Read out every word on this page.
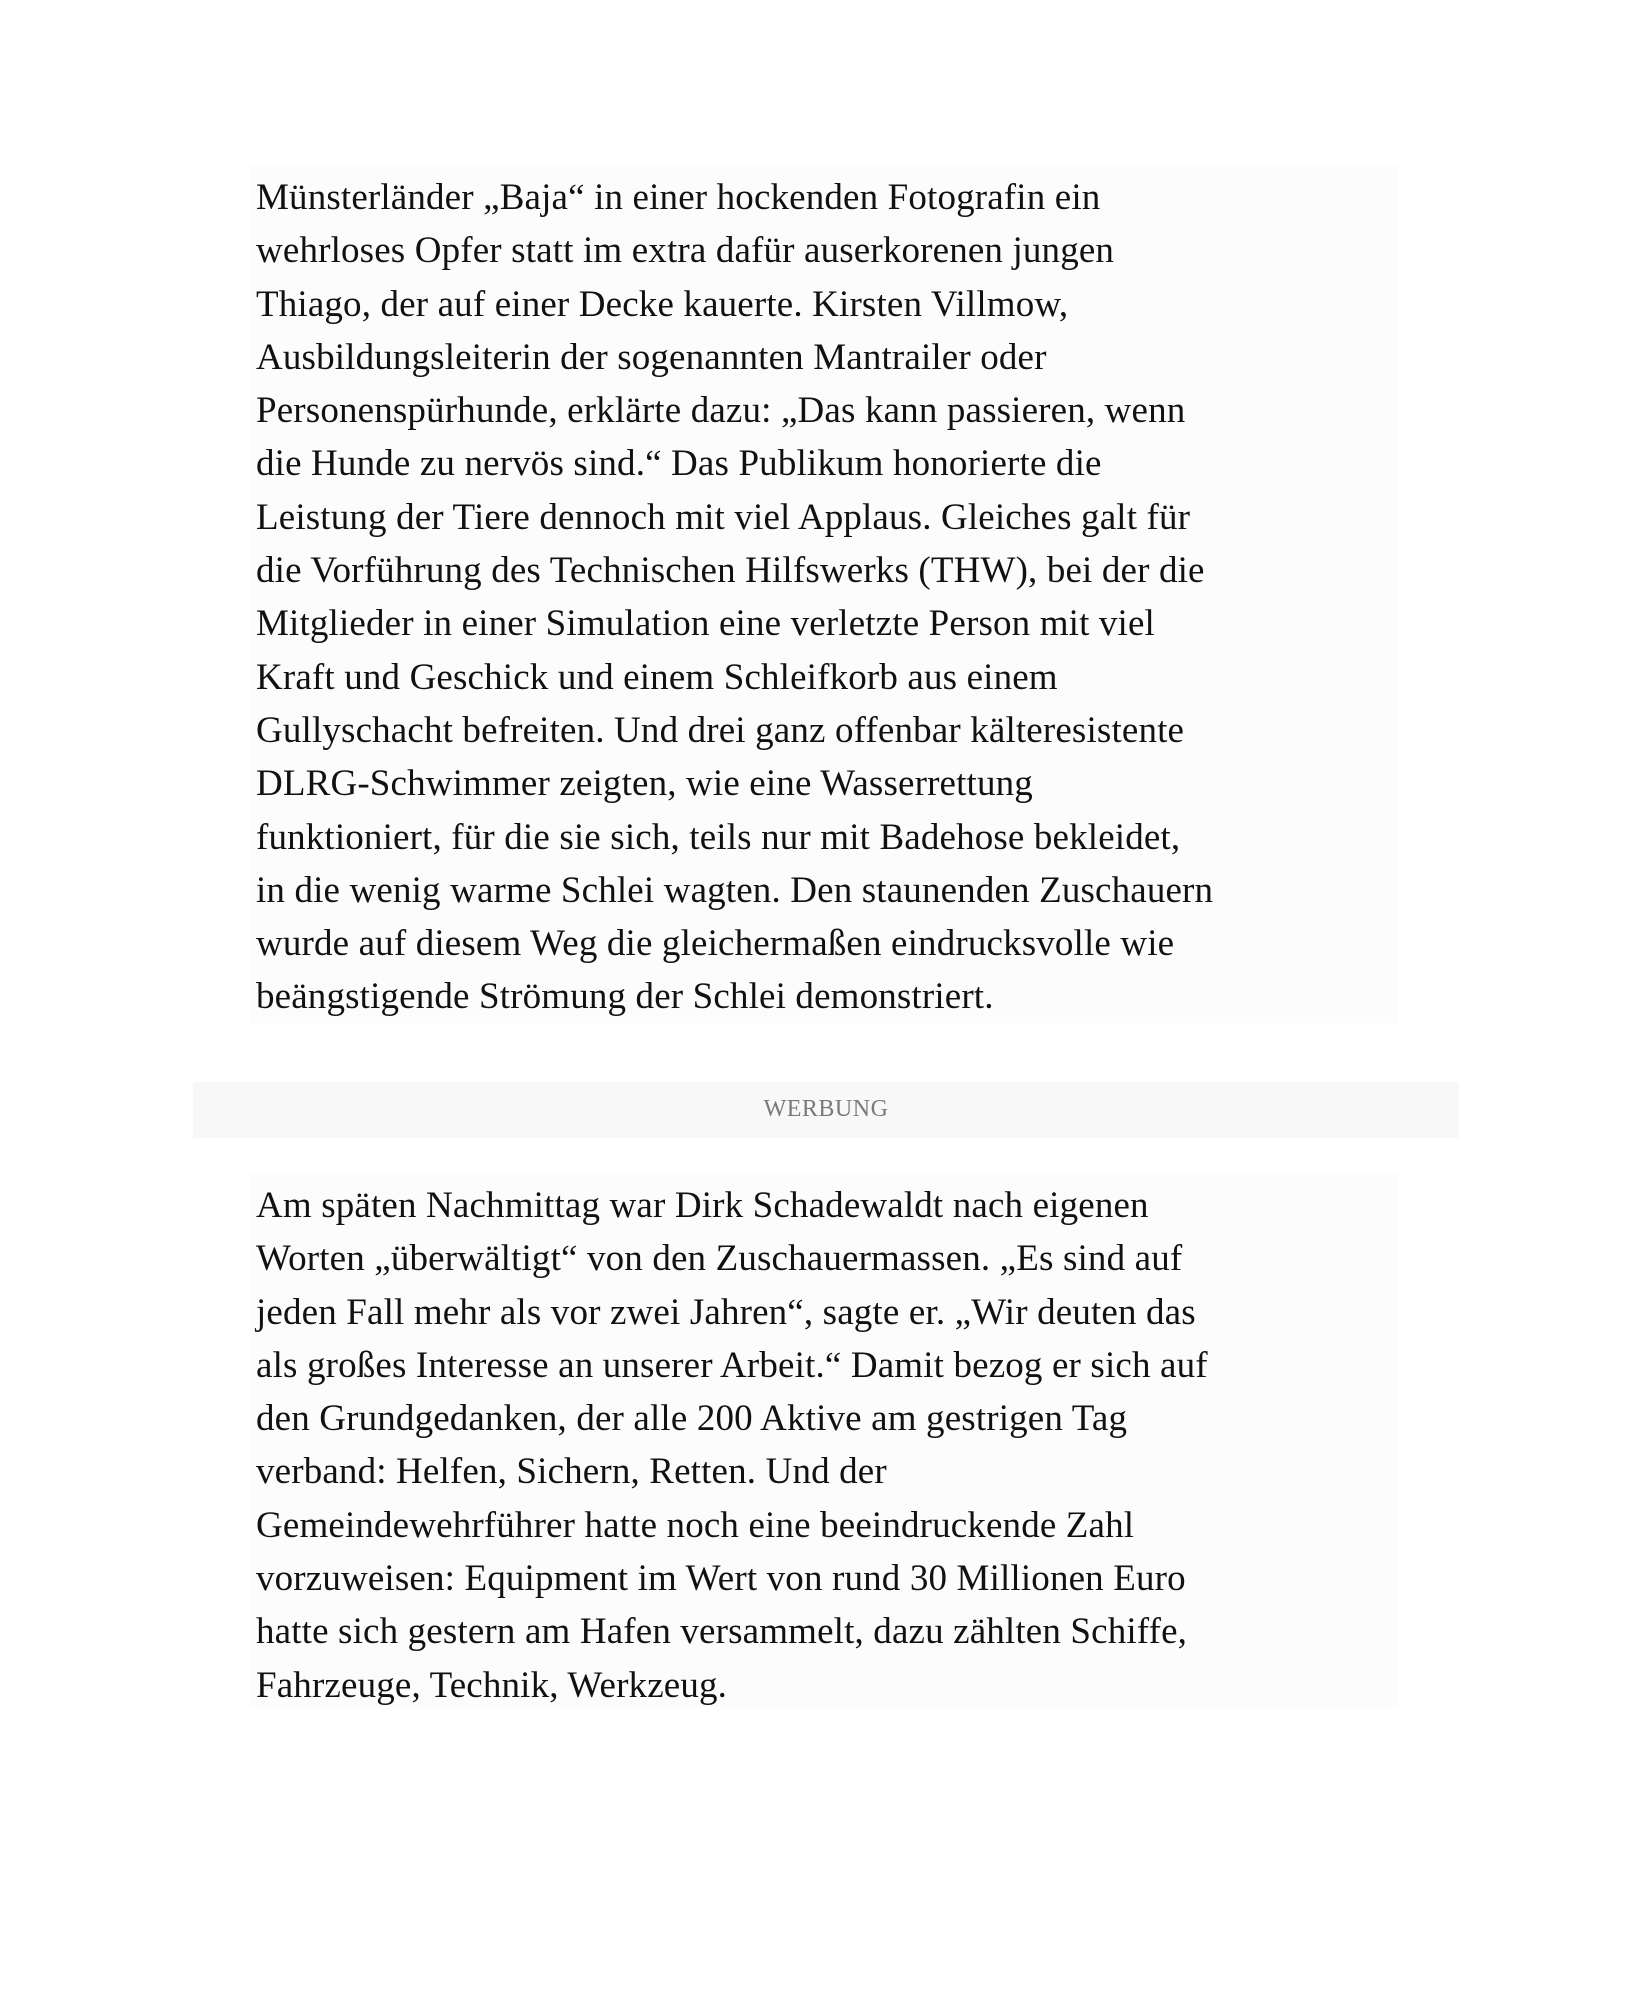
Münsterländer „Baja“ in einer hockenden Fotografin ein
wehrloses Opfer statt im extra dafür auserkorenen jungen
Thiago, der auf einer Decke kauerte. Kirsten Villmow,
Ausbildungsleiterin der sogenannten Mantrailer oder
Personenspürhunde, erklärte dazu: „Das kann passieren, wenn
die Hunde zu nervös sind.“ Das Publikum honorierte die
Leistung der Tiere dennoch mit viel Applaus. Gleiches galt für
die Vorführung des Technischen Hilfswerks (THW), bei der die
Mitglieder in einer Simulation eine verletzte Person mit viel
Kraft und Geschick und einem Schleifkorb aus einem
Gullyschacht befreiten. Und drei ganz offenbar kälteresistente
DLRG-Schwimmer zeigten, wie eine Wasserrettung
funktioniert, für die sie sich, teils nur mit Badehose bekleidet,
in die wenig warme Schlei wagten. Den staunenden Zuschauern
wurde auf diesem Weg die gleichermaßen eindrucksvolle wie
beängstigende Strömung der Schlei demonstriert.
WERBUNG
Am späten Nachmittag war Dirk Schadewaldt nach eigenen
Worten „überwältigt“ von den Zuschauermassen. „Es sind auf
jeden Fall mehr als vor zwei Jahren“, sagte er. „Wir deuten das
als großes Interesse an unserer Arbeit.“ Damit bezog er sich auf
den Grundgedanken, der alle 200 Aktive am gestrigen Tag
verband: Helfen, Sichern, Retten. Und der
Gemeindewehrführer hatte noch eine beeindruckende Zahl
vorzuweisen: Equipment im Wert von rund 30 Millionen Euro
hatte sich gestern am Hafen versammelt, dazu zählten Schiffe,
Fahrzeuge, Technik, Werkzeug.
